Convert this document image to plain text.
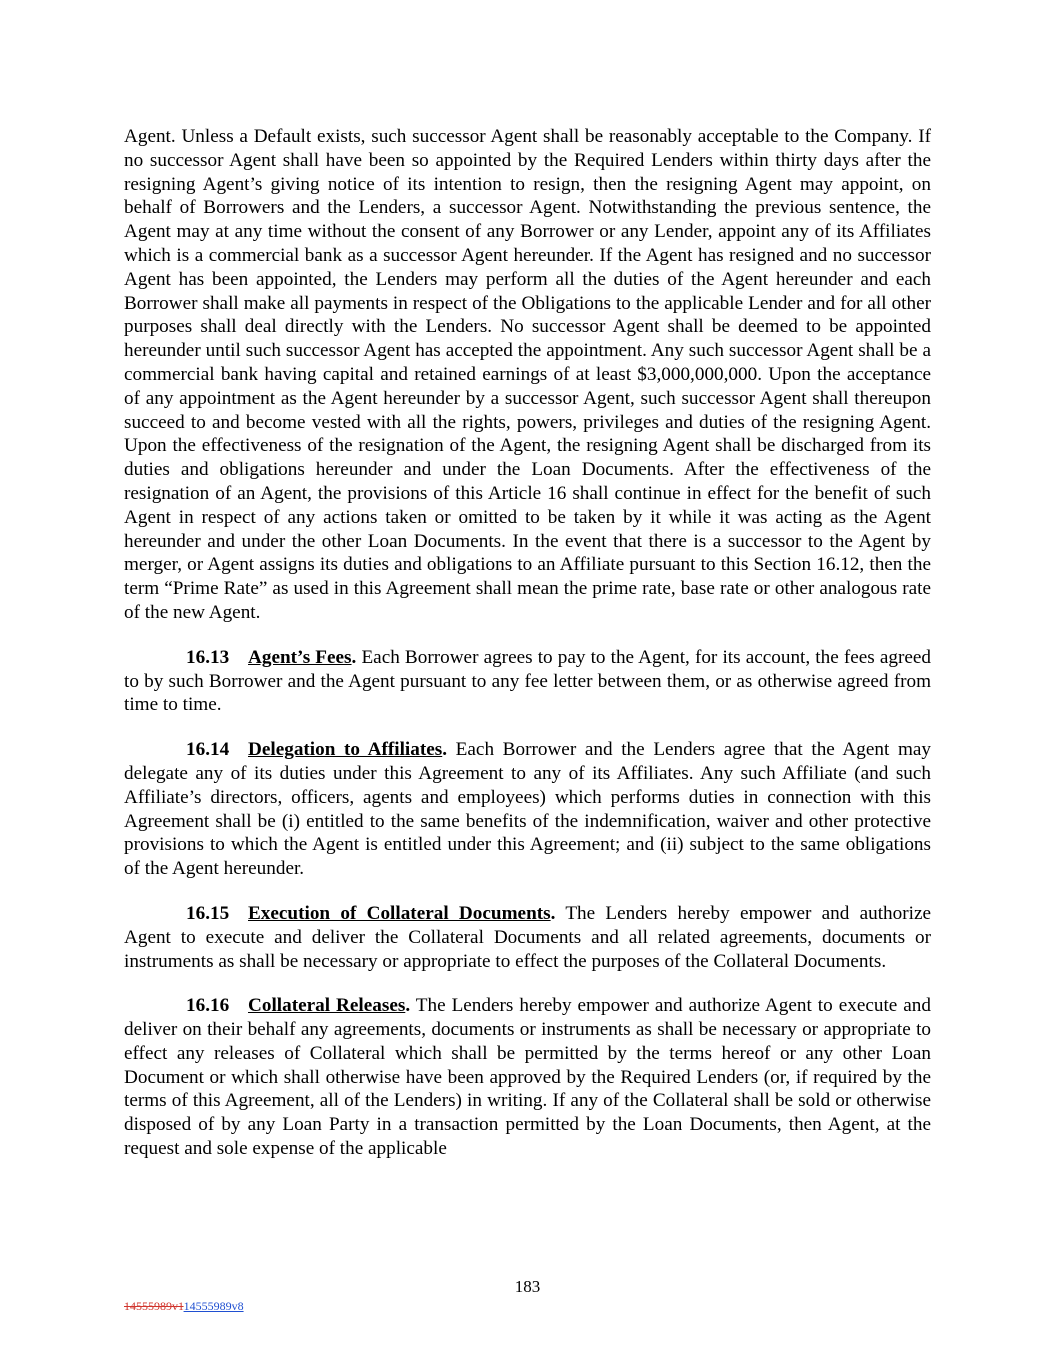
Agent. Unless a Default exists, such successor Agent shall be reasonably acceptable to the Company. If no successor Agent shall have been so appointed by the Required Lenders within thirty days after the resigning Agent’s giving notice of its intention to resign, then the resigning Agent may appoint, on behalf of Borrowers and the Lenders, a successor Agent. Notwithstanding the previous sentence, the Agent may at any time without the consent of any Borrower or any Lender, appoint any of its Affiliates which is a commercial bank as a successor Agent hereunder. If the Agent has resigned and no successor Agent has been appointed, the Lenders may perform all the duties of the Agent hereunder and each Borrower shall make all payments in respect of the Obligations to the applicable Lender and for all other purposes shall deal directly with the Lenders. No successor Agent shall be deemed to be appointed hereunder until such successor Agent has accepted the appointment. Any such successor Agent shall be a commercial bank having capital and retained earnings of at least $3,000,000,000. Upon the acceptance of any appointment as the Agent hereunder by a successor Agent, such successor Agent shall thereupon succeed to and become vested with all the rights, powers, privileges and duties of the resigning Agent. Upon the effectiveness of the resignation of the Agent, the resigning Agent shall be discharged from its duties and obligations hereunder and under the Loan Documents. After the effectiveness of the resignation of an Agent, the provisions of this Article 16 shall continue in effect for the benefit of such Agent in respect of any actions taken or omitted to be taken by it while it was acting as the Agent hereunder and under the other Loan Documents. In the event that there is a successor to the Agent by merger, or Agent assigns its duties and obligations to an Affiliate pursuant to this Section 16.12, then the term “Prime Rate” as used in this Agreement shall mean the prime rate, base rate or other analogous rate of the new Agent.

16.13 Agent’s Fees. Each Borrower agrees to pay to the Agent, for its account, the fees agreed to by such Borrower and the Agent pursuant to any fee letter between them, or as otherwise agreed from time to time.

16.14 Delegation to Affiliates. Each Borrower and the Lenders agree that the Agent may delegate any of its duties under this Agreement to any of its Affiliates. Any such Affiliate (and such Affiliate’s directors, officers, agents and employees) which performs duties in connection with this Agreement shall be (i) entitled to the same benefits of the indemnification, waiver and other protective provisions to which the Agent is entitled under this Agreement; and (ii) subject to the same obligations of the Agent hereunder.

16.15 Execution of Collateral Documents. The Lenders hereby empower and authorize Agent to execute and deliver the Collateral Documents and all related agreements, documents or instruments as shall be necessary or appropriate to effect the purposes of the Collateral Documents.

16.16 Collateral Releases. The Lenders hereby empower and authorize Agent to execute and deliver on their behalf any agreements, documents or instruments as shall be necessary or appropriate to effect any releases of Collateral which shall be permitted by the terms hereof or any other Loan Document or which shall otherwise have been approved by the Required Lenders (or, if required by the terms of this Agreement, all of the Lenders) in writing. If any of the Collateral shall be sold or otherwise disposed of by any Loan Party in a transaction permitted by the Loan Documents, then Agent, at the request and sole expense of the applicable

183
14555989v114555989v8
